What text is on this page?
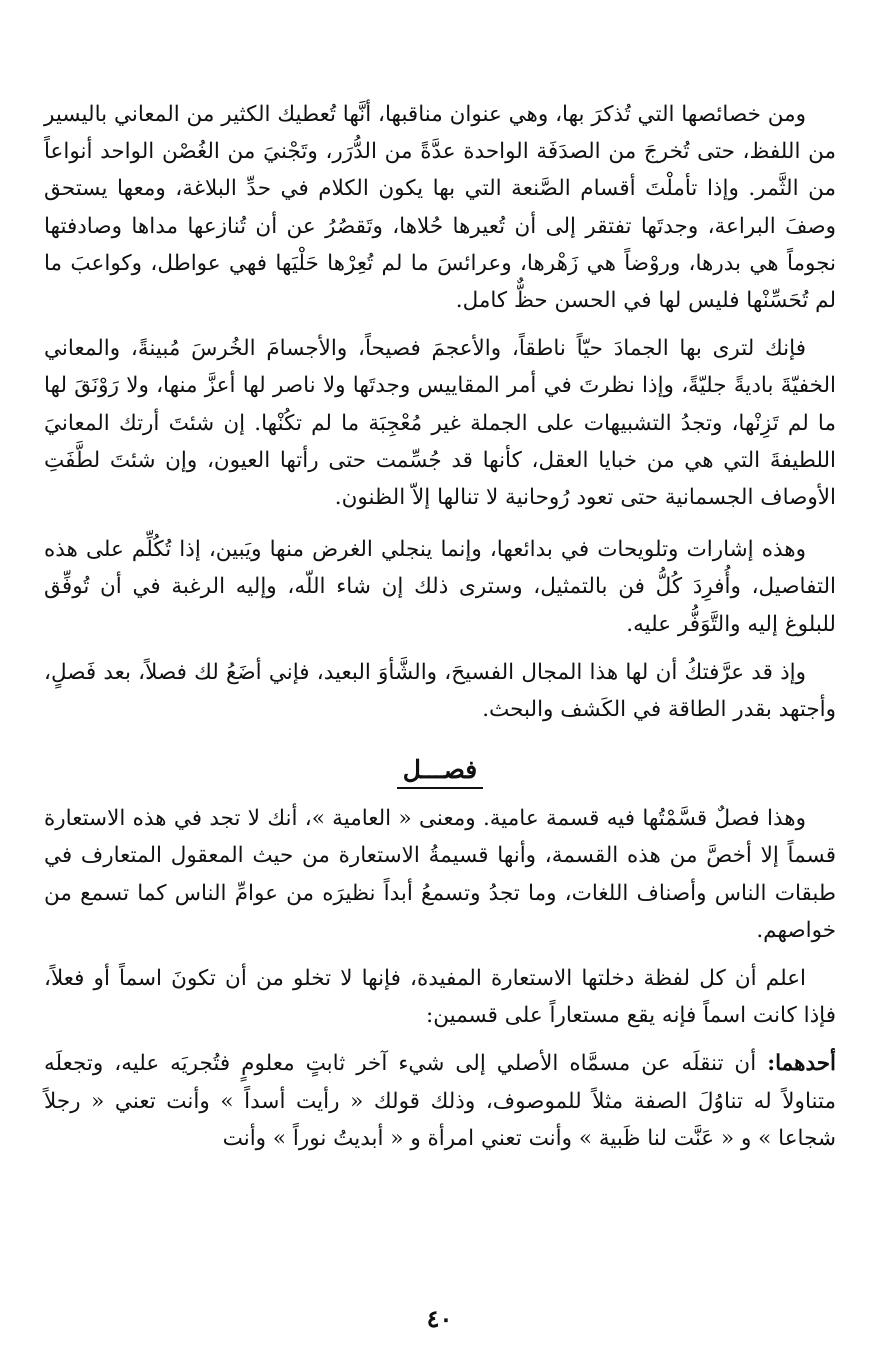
ومن خصائصها التي تُذكرَ بها، وهي عنوان مناقبها، أنَّها تُعطيك الكثير من المعاني باليسير من اللفظ، حتى تُخرجَ من الصدَفَة الواحدة عدَّةً من الدُّرَر، وتَجْنيَ من الغُصْن الواحد أنواعاً من الثَّمر. وإذا تأملْتَ أقسام الصَّنعة التي بها يكون الكلام في حدِّ البلاغة، ومعها يستحق وصفَ البراعة، وجدتَها تفتقر إلى أن تُعيرها حُلاها، وتَقصُرُ عن أن تُنازعها مداها وصادفتها نجوماً هي بدرها، وروْضاً هي زَهْرها، وعرائسَ ما لم تُعِرْها حَلْيَها فهي عواطل، وكواعبَ ما لم تُحَسِّنْها فليس لها في الحسن حظٌّ كامل.

فإنك لترى بها الجمادَ حيّاً ناطقاً، والأعجمَ فصيحاً، والأجسامَ الخُرسَ مُبينةً، والمعاني الخفيّةَ باديةً جليّةً، وإذا نظرتَ في أمر المقاييس وجدتَها ولا ناصر لها أعزَّ منها، ولا رَوْنَقَ لها ما لم تَزِنْها، وتجدُ التشبيهات على الجملة غير مُعْجِبَة ما لم تكُنْها. إن شئتَ أرتك المعانيَ اللطيفةَ التي هي من خبايا العقل، كأنها قد جُسِّمت حتى رأتها العيون، وإن شئتَ لطَّفَتِ الأوصاف الجسمانية حتى تعود رُوحانية لا تنالها إلاّ الظنون.

وهذه إشارات وتلويحات في بدائعها، وإنما ينجلي الغرض منها ويَبين، إذا تُكُلِّم على هذه التفاصيل، وأُفرِدَ كُلُّ فن بالتمثيل، وسترى ذلك إن شاء اللّه، وإليه الرغبة في أن تُوفِّق للبلوغ إليه والتَّوَفُّر عليه.

وإذ قد عرَّفتكُ أن لها هذا المجال الفسيحَ، والشَّأوَ البعيد، فإني أضَعُ لك فصلاً، بعد فَصلٍ، وأجتهد بقدر الطاقة في الكَشف والبحث.

فصـــل

وهذا فصلٌ قسَّمْتُها فيه قسمة عامية. ومعنى « العامية »، أنك لا تجد في هذه الاستعارة قسماً إلا أخصَّ من هذه القسمة، وأنها قسيمةُ الاستعارة من حيث المعقول المتعارف في طبقات الناس وأصناف اللغات، وما تجدُ وتسمعُ أبداً نظيرَه من عوامِّ الناس كما تسمع من خواصهم.

اعلم أن كل لفظة دخلتها الاستعارة المفيدة، فإنها لا تخلو من أن تكونَ اسماً أو فعلاً، فإذا كانت اسماً فإنه يقع مستعاراً على قسمين:

أحدهما: أن تنقلَه عن مسمَّاه الأصلي إلى شيء آخر ثابتٍ معلومٍ فتُجريَه عليه، وتجعلَه متناولاً له تناوُلَ الصفة مثلاً للموصوف، وذلك قولك « رأيت أسداً » وأنت تعني « رجلاً شجاعا » و « عَنَّت لنا ظَبية » وأنت تعني امرأة و « أبديتُ نوراً » وأنت

٤٠
